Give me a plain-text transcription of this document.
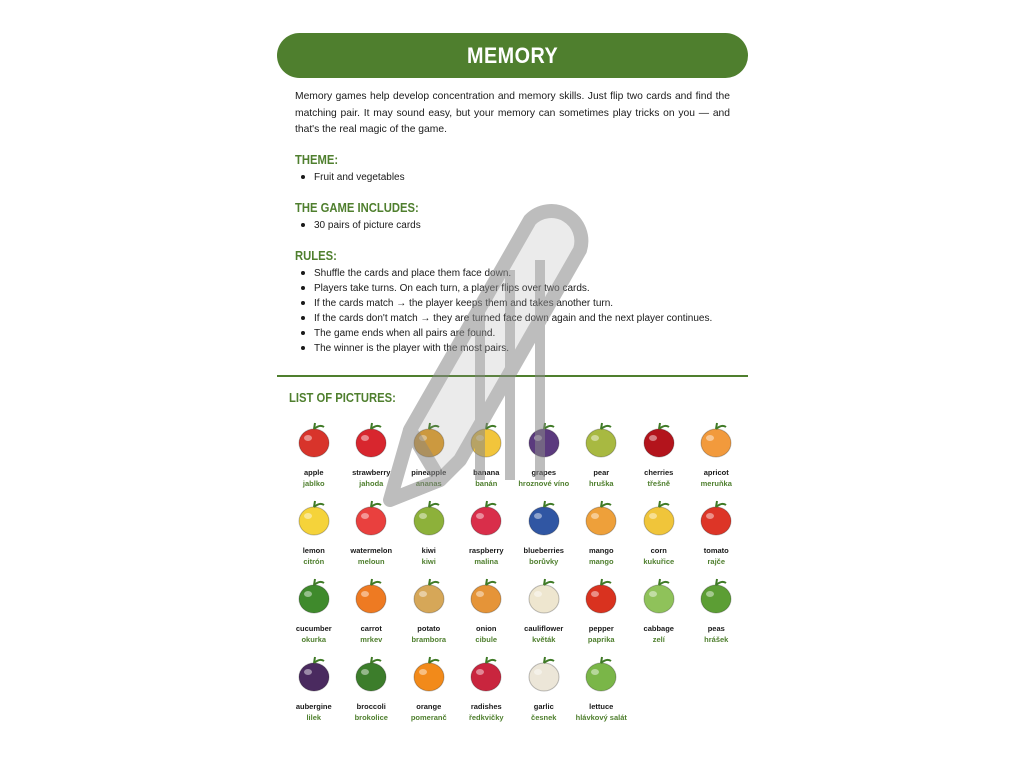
MEMORY

Memory games help develop concentration and memory skills. Just flip two cards and find the matching pair. It may sound easy, but your memory can sometimes play tricks on you — and that's the real magic of the game.

THEME:
Fruit and vegetables
THE GAME INCLUDES:
30 pairs of picture cards
RULES:
Shuffle the cards and place them face down.
Players take turns. On each turn, a player flips over two cards.
If the cards match → the player keeps them and takes another turn.
If the cards don't match → they are turned face down again and the next player continues.
The game ends when all pairs are found.
The winner is the player with the most pairs.
LIST OF PICTURES:
apple
jablko
strawberry
jahoda
pineapple
ananas
banana
banán
grapes
hroznové víno
pear
hruška
cherries
třešně
apricot
meruňka
lemon
citrón
watermelon
meloun
kiwi
kiwi
raspberry
malina
blueberries
borůvky
mango
mango
corn
kukuřice
tomato
rajče
cucumber
okurka
carrot
mrkev
potato
brambora
onion
cibule
cauliflower
květák
pepper
paprika
cabbage
zelí
peas
hrášek
aubergine
lilek
broccoli
brokolice
orange
pomeranč
radishes
ředkvičky
garlic
česnek
lettuce
hlávkový salát
